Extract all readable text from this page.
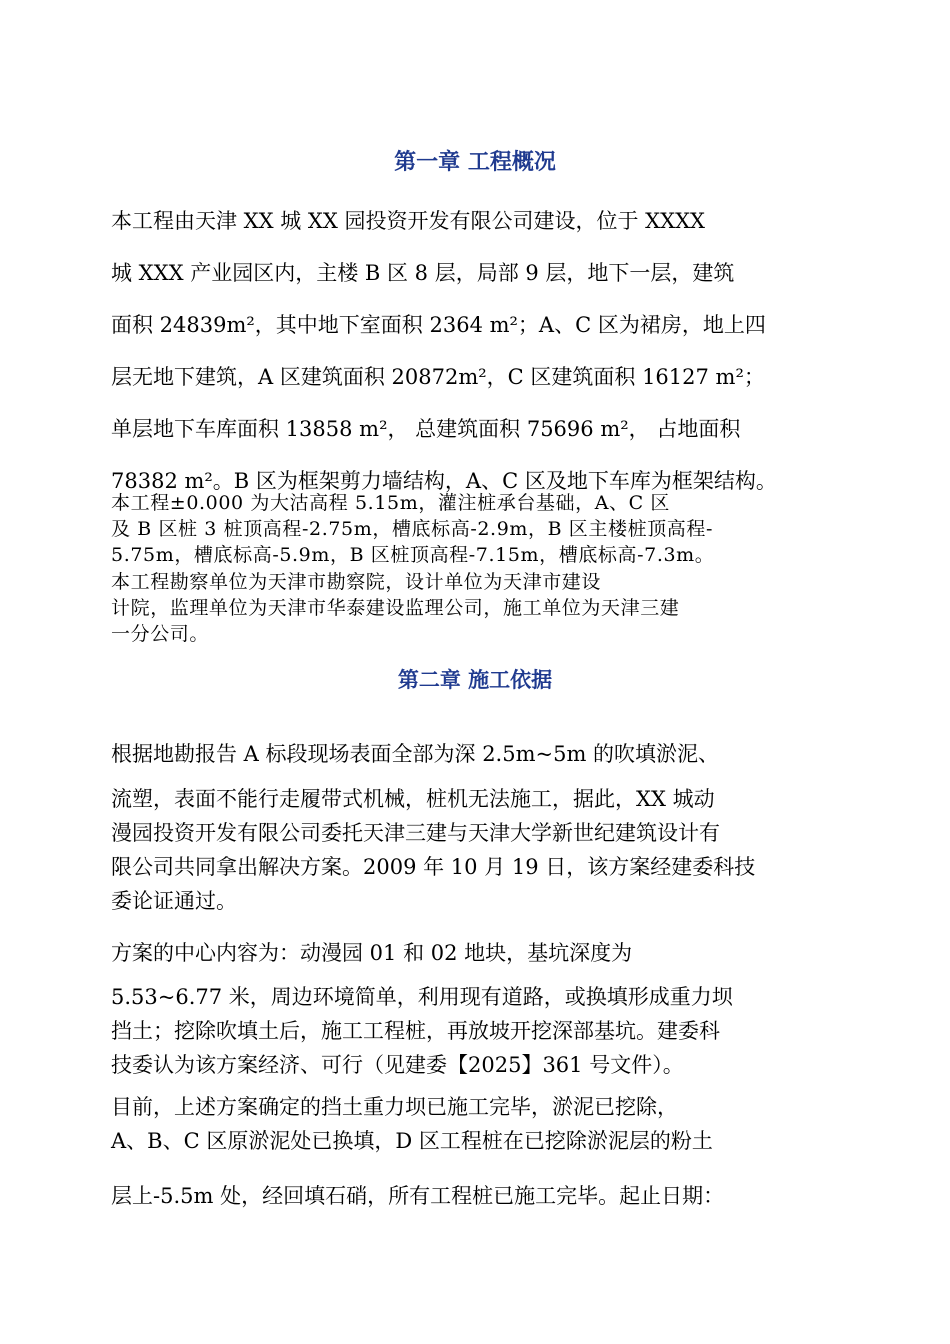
第一章 工程概况
本工程由天津 XX 城 XX 园投资开发有限公司建设，位于 XXXX
城 XXX 产业园区内，主楼 B 区 8 层，局部 9 层，地下一层，建筑
面积 24839m²，其中地下室面积 2364 m²；A、C 区为裙房，地上四
层无地下建筑，A 区建筑面积 20872m²，C 区建筑面积 16127 m²；
单层地下车库面积 13858 m²， 总建筑面积 75696 m²， 占地面积
78382 m²。B 区为框架剪力墙结构，A、C 区及地下车库为框架结构。
本工程±0.000 为大沽高程 5.15m，灌注桩承台基础，A、C 区
及 B 区桩 3 桩顶高程-2.75m，槽底标高-2.9m，B 区主楼桩顶高程-
5.75m，槽底标高-5.9m，B 区桩顶高程-7.15m，槽底标高-7.3m。
本工程勘察单位为天津市勘察院，设计单位为天津市建设
计院，监理单位为天津市华泰建设监理公司，施工单位为天津三建
一分公司。
第二章 施工依据
根据地勘报告 A 标段现场表面全部为深 2.5m~5m 的吹填淤泥、
流塑，表面不能行走履带式机械，桩机无法施工，据此，XX 城动
漫园投资开发有限公司委托天津三建与天津大学新世纪建筑设计有
限公司共同拿出解决方案。2009 年 10 月 19 日，该方案经建委科技
委论证通过。
方案的中心内容为：动漫园 01 和 02 地块，基坑深度为
5.53~6.77 米，周边环境简单，利用现有道路，或换填形成重力坝
挡土；挖除吹填土后，施工工程桩，再放坡开挖深部基坑。建委科
技委认为该方案经济、可行（见建委【2025】361 号文件）。
目前，上述方案确定的挡土重力坝已施工完毕，淤泥已挖除，
A、B、C 区原淤泥处已换填，D 区工程桩在已挖除淤泥层的粉土
层上-5.5m 处，经回填石硝，所有工程桩已施工完毕。起止日期：
